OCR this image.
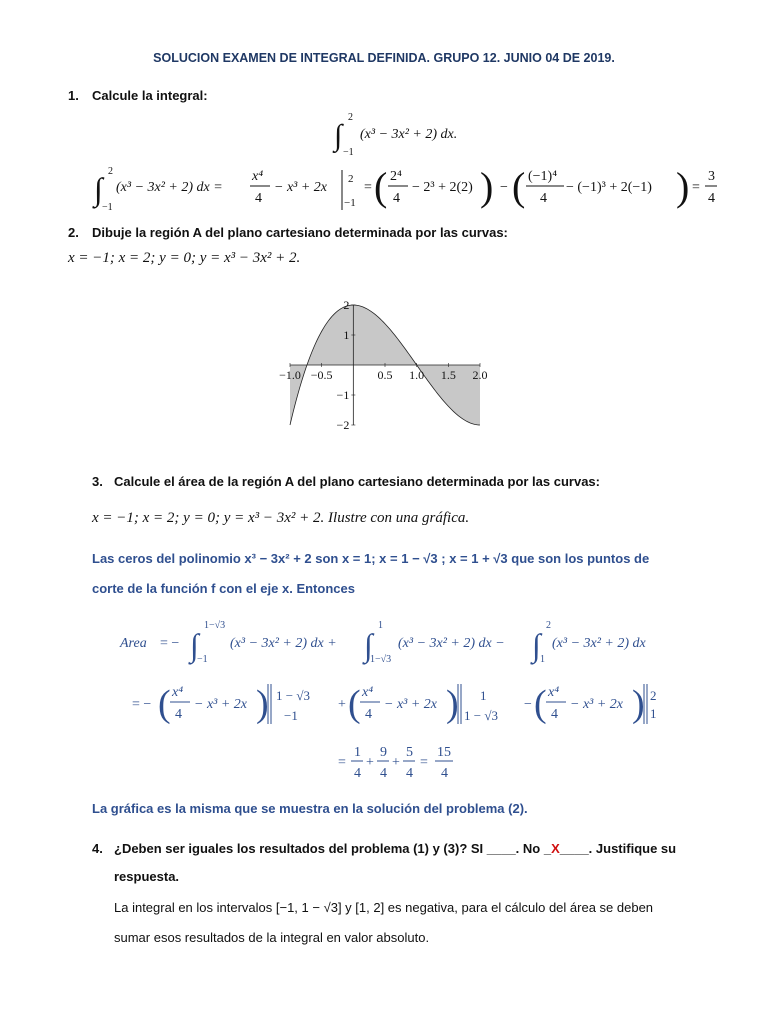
SOLUCION EXAMEN DE INTEGRAL DEFINIDA. GRUPO 12. JUNIO 04 DE 2019.
1. Calcule la integral:
∫
2
−1
(x³ − 3x² + 2) dx.
∫ 2
−1
(x³ − 3x² + 2) dx =
x⁴
4
− x³ + 2x
2
−1
= ( 2⁴
4
− 2³ + 2(2) ) − ( (−1)⁴
4
− (−1)³ + 2(−1) ) =
3
4
2. Dibuje la región A del plano cartesiano determinada por las curvas:
x = −1; x = 2; y = 0; y = x³ − 3x² + 2.
−1.0 −0.5	0.5 1.0 1.5 2.0
2
1
−1
−2
3. Calcule el área de la región A del plano cartesiano determinada por las curvas:
x = −1; x = 2; y = 0; y = x³ − 3x² + 2. Ilustre con una gráfica.
Las ceros del polinomio x³ − 3x² + 2 son x = 1; x = 1 − √3 ; x = 1 + √3 que son los puntos de
corte de la función f con el eje x. Entonces
Area = − ∫
1−√3
−1
(x³ − 3x² + 2) dx + ∫
1
1−√3
(x³ − 3x² + 2) dx − ∫
2
1
(x³ − 3x² + 2) dx
= − ( x⁴
4
− x³ + 2x ) 1 − √3
−1
+ ( x⁴
4
− x³ + 2x ) 1
1 − √3
− ( x⁴
4
− x³ + 2x ) 2
1
=
1
4
+
9
4
+
5
4
=
15
4
La gráfica es la misma que se muestra en la solución del problema (2).
4. ¿Deben ser iguales los resultados del problema (1) y (3)? SI ____. No _X____. Justifique su
respuesta.
La integral en los intervalos [−1, 1 − √3] y [1, 2] es negativa, para el cálculo del área se deben
sumar esos resultados de la integral en valor absoluto.
